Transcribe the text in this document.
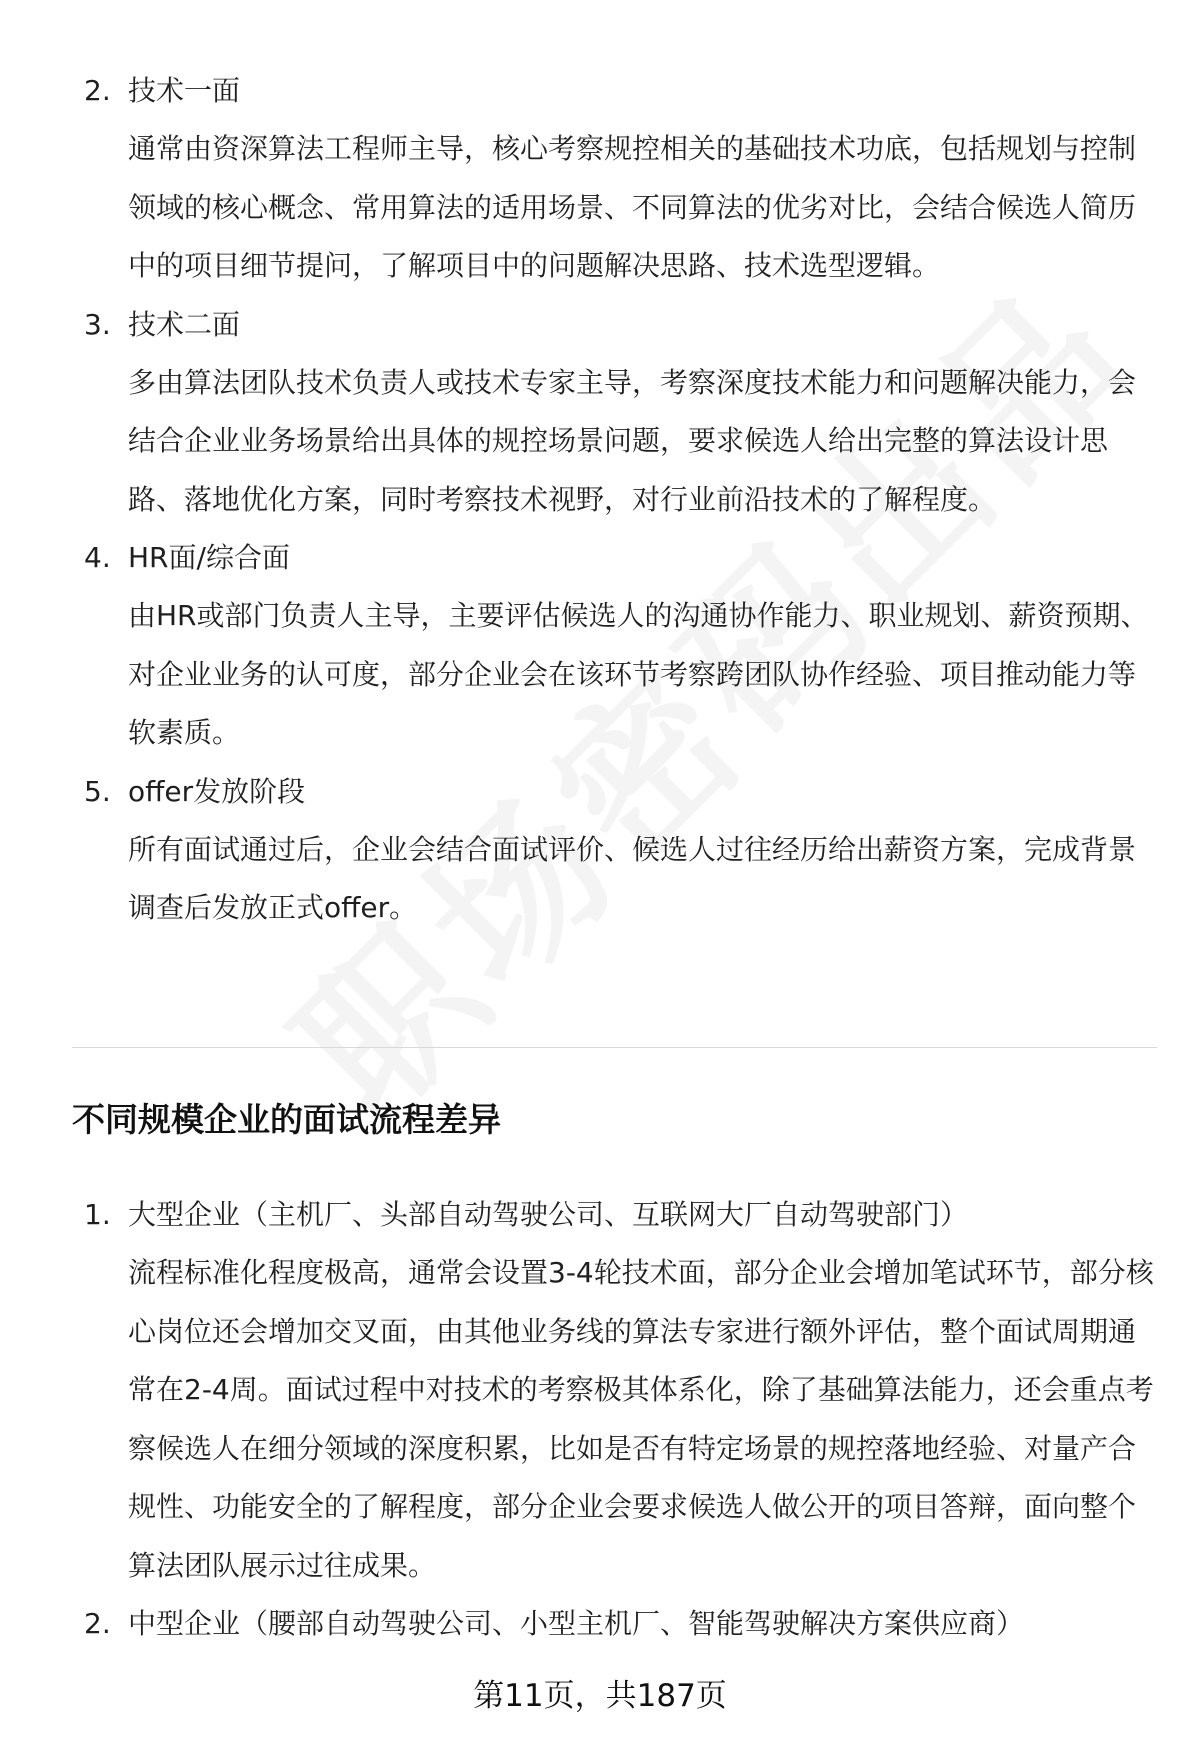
2. 技术一面

通常由资深算法工程师主导，核心考察规控相关的基础技术功底，包括规划与控制领域的核心概念、常用算法的适用场景、不同算法的优劣对比，会结合候选人简历中的项目细节提问，了解项目中的问题解决思路、技术选型逻辑。

3. 技术二面

多由算法团队技术负责人或技术专家主导，考察深度技术能力和问题解决能力，会结合企业业务场景给出具体的规控场景问题，要求候选人给出完整的算法设计思路、落地优化方案，同时考察技术视野，对行业前沿技术的了解程度。

4. HR面/综合面

由HR或部门负责人主导，主要评估候选人的沟通协作能力、职业规划、薪资预期、对企业业务的认可度，部分企业会在该环节考察跨团队协作经验、项目推动能力等软素质。

5. offer发放阶段

所有面试通过后，企业会结合面试评价、候选人过往经历给出薪资方案，完成背景调查后发放正式offer。

不同规模企业的面试流程差异
1. 大型企业（主机厂、头部自动驾驶公司、互联网大厂自动驾驶部门）

流程标准化程度极高，通常会设置3-4轮技术面，部分企业会增加笔试环节，部分核心岗位还会增加交叉面，由其他业务线的算法专家进行额外评估，整个面试周期通常在2-4周。面试过程中对技术的考察极其体系化，除了基础算法能力，还会重点考察候选人在细分领域的深度积累，比如是否有特定场景的规控落地经验、对量产合规性、功能安全的了解程度，部分企业会要求候选人做公开的项目答辩，面向整个算法团队展示过往成果。

2. 中型企业（腰部自动驾驶公司、小型主机厂、智能驾驶解决方案供应商）
第11页，共187页
